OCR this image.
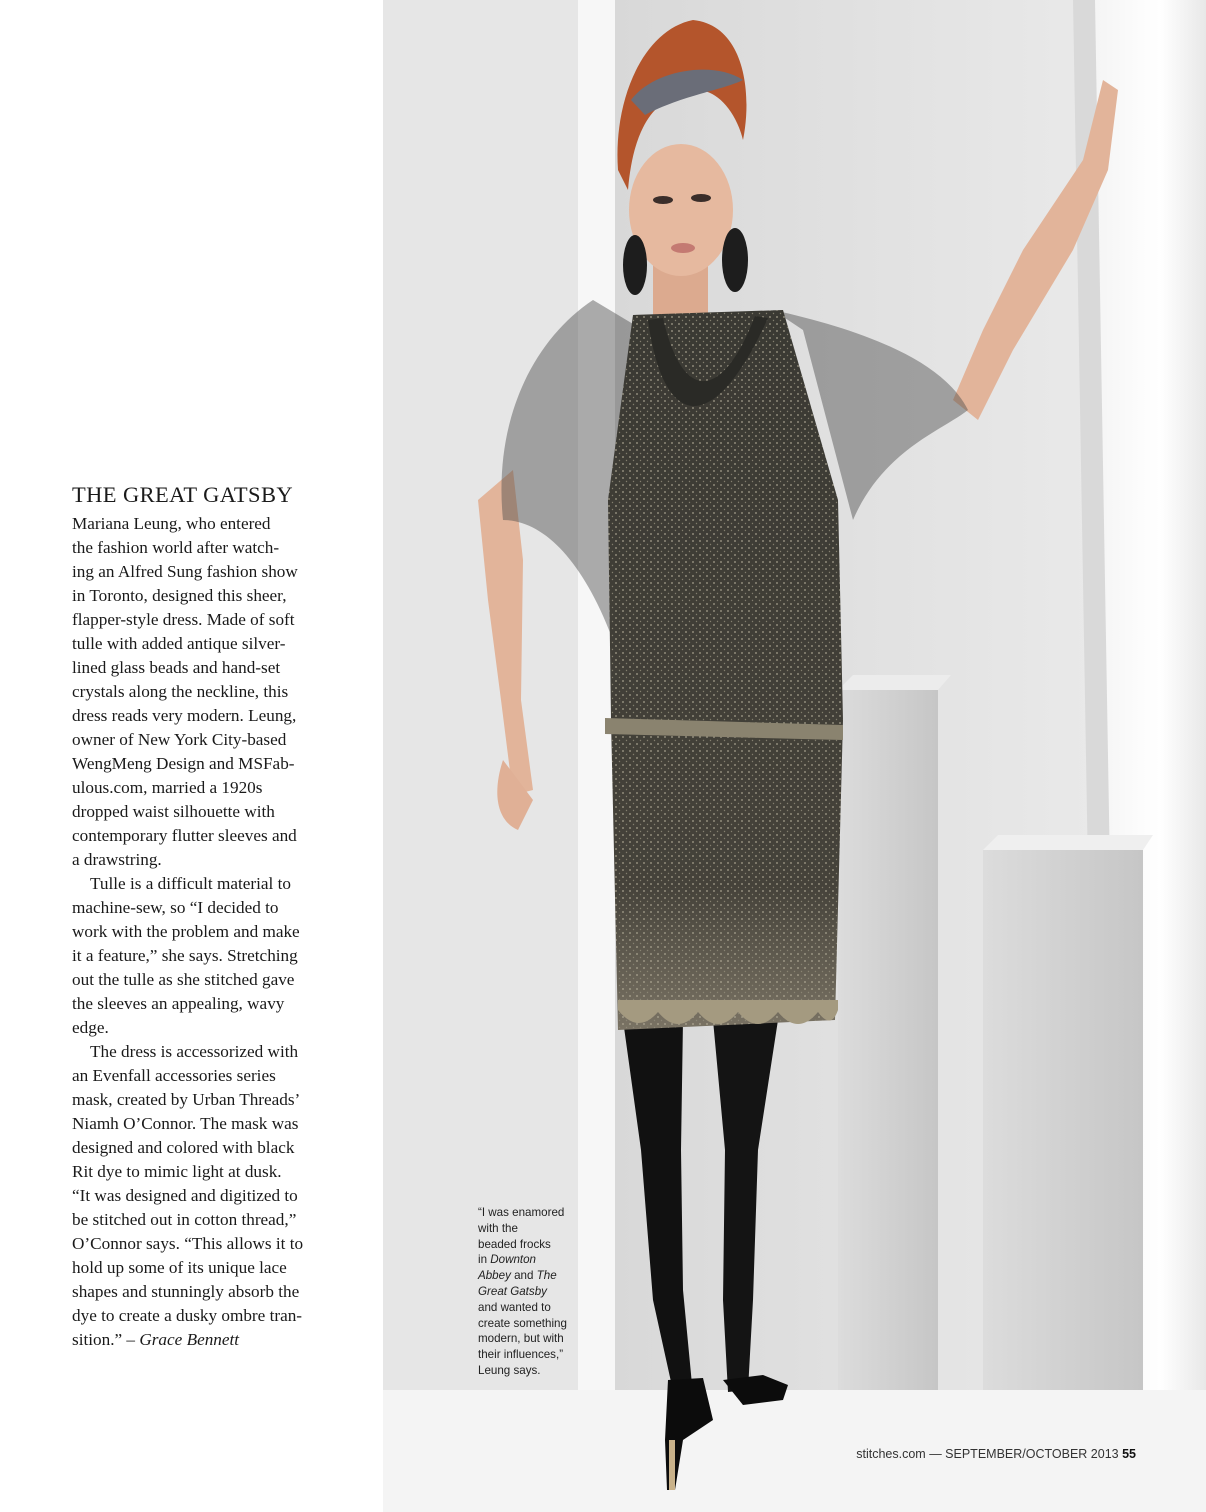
THE GREAT GATSBY

Mariana Leung, who entered
the fashion world after watch-
ing an Alfred Sung fashion show
in Toronto, designed this sheer,
flapper-style dress. Made of soft
tulle with added antique silver-
lined glass beads and hand-set
crystals along the neckline, this
dress reads very modern. Leung,
owner of New York City-based
WengMeng Design and MSFab-
ulous.com, married a 1920s
dropped waist silhouette with
contemporary flutter sleeves and
a drawstring.

Tulle is a difficult material to
machine-sew, so “I decided to
work with the problem and make
it a feature,” she says. Stretching
out the tulle as she stitched gave
the sleeves an appealing, wavy
edge.

The dress is accessorized with
an Evenfall accessories series
mask, created by Urban Threads’
Niamh O’Connor. The mask was
designed and colored with black
Rit dye to mimic light at dusk.
“It was designed and digitized to
be stitched out in cotton thread,”
O’Connor says. “This allows it to
hold up some of its unique lace
shapes and stunningly absorb the
dye to create a dusky ombre tran-
sition.” – Grace Bennett

“I was enamored
with the
beaded frocks
in Downton
Abbey and The
Great Gatsby
and wanted to
create something
modern, but with
their influences,”
Leung says.
stitches.com — SEPTEMBER/OCTOBER 2013 55
